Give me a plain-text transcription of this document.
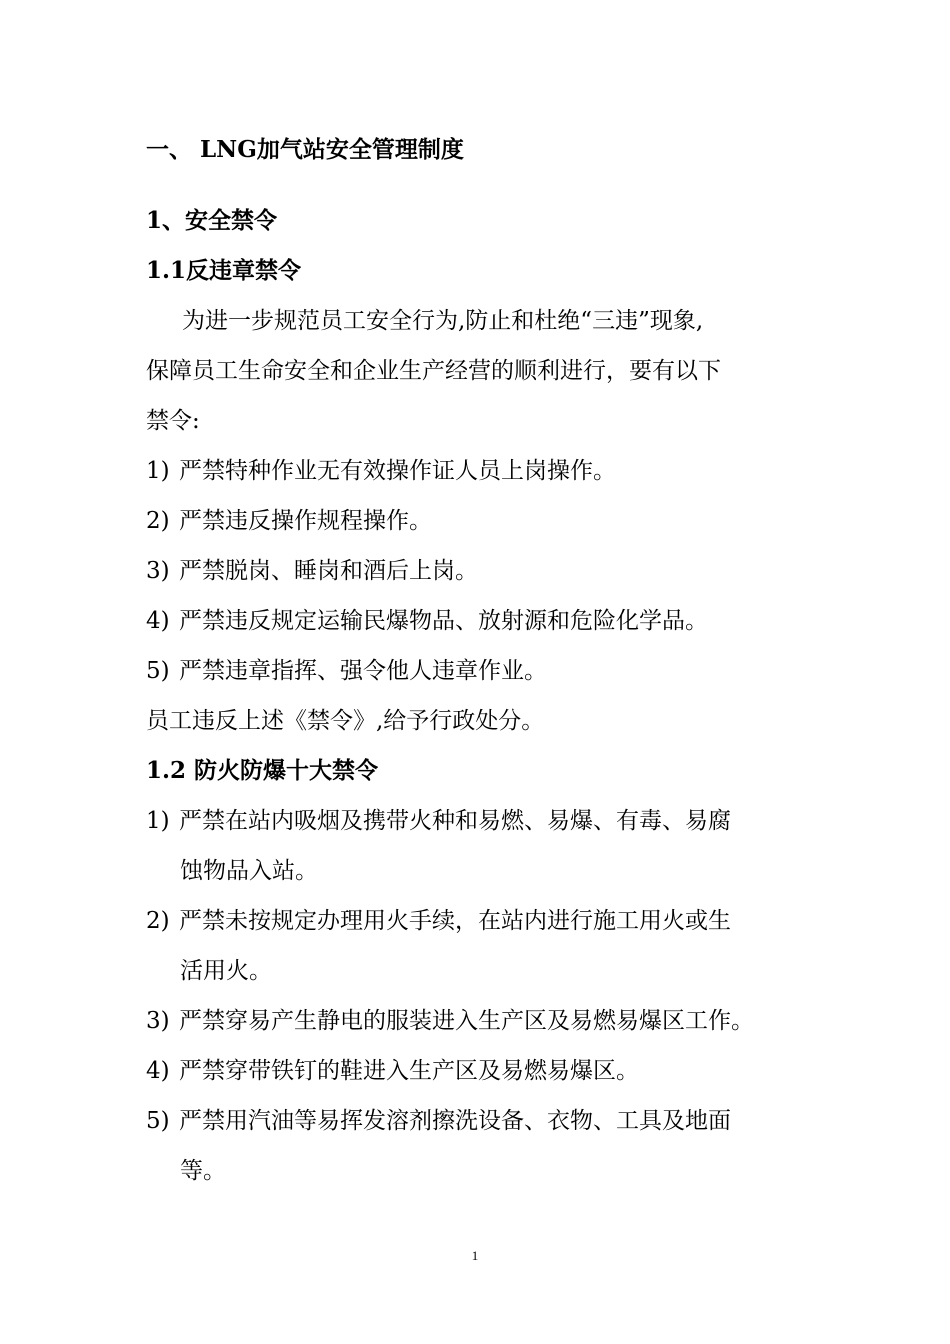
一、 LNG加气站安全管理制度
1、安全禁令
1.1反违章禁令
为进一步规范员工安全行为,防止和杜绝“三违”现象,
保障员工生命安全和企业生产经营的顺利进行，要有以下
禁令:
1) 严禁特种作业无有效操作证人员上岗操作。
2) 严禁违反操作规程操作。
3) 严禁脱岗、睡岗和酒后上岗。
4) 严禁违反规定运输民爆物品、放射源和危险化学品。
5) 严禁违章指挥、强令他人违章作业。
员工违反上述《禁令》,给予行政处分。
1.2 防火防爆十大禁令
1) 严禁在站内吸烟及携带火种和易燃、易爆、有毒、易腐
蚀物品入站。
2) 严禁未按规定办理用火手续，在站内进行施工用火或生
活用火。
3) 严禁穿易产生静电的服装进入生产区及易燃易爆区工作。
4) 严禁穿带铁钉的鞋进入生产区及易燃易爆区。
5) 严禁用汽油等易挥发溶剂擦洗设备、衣物、工具及地面
等。
1
